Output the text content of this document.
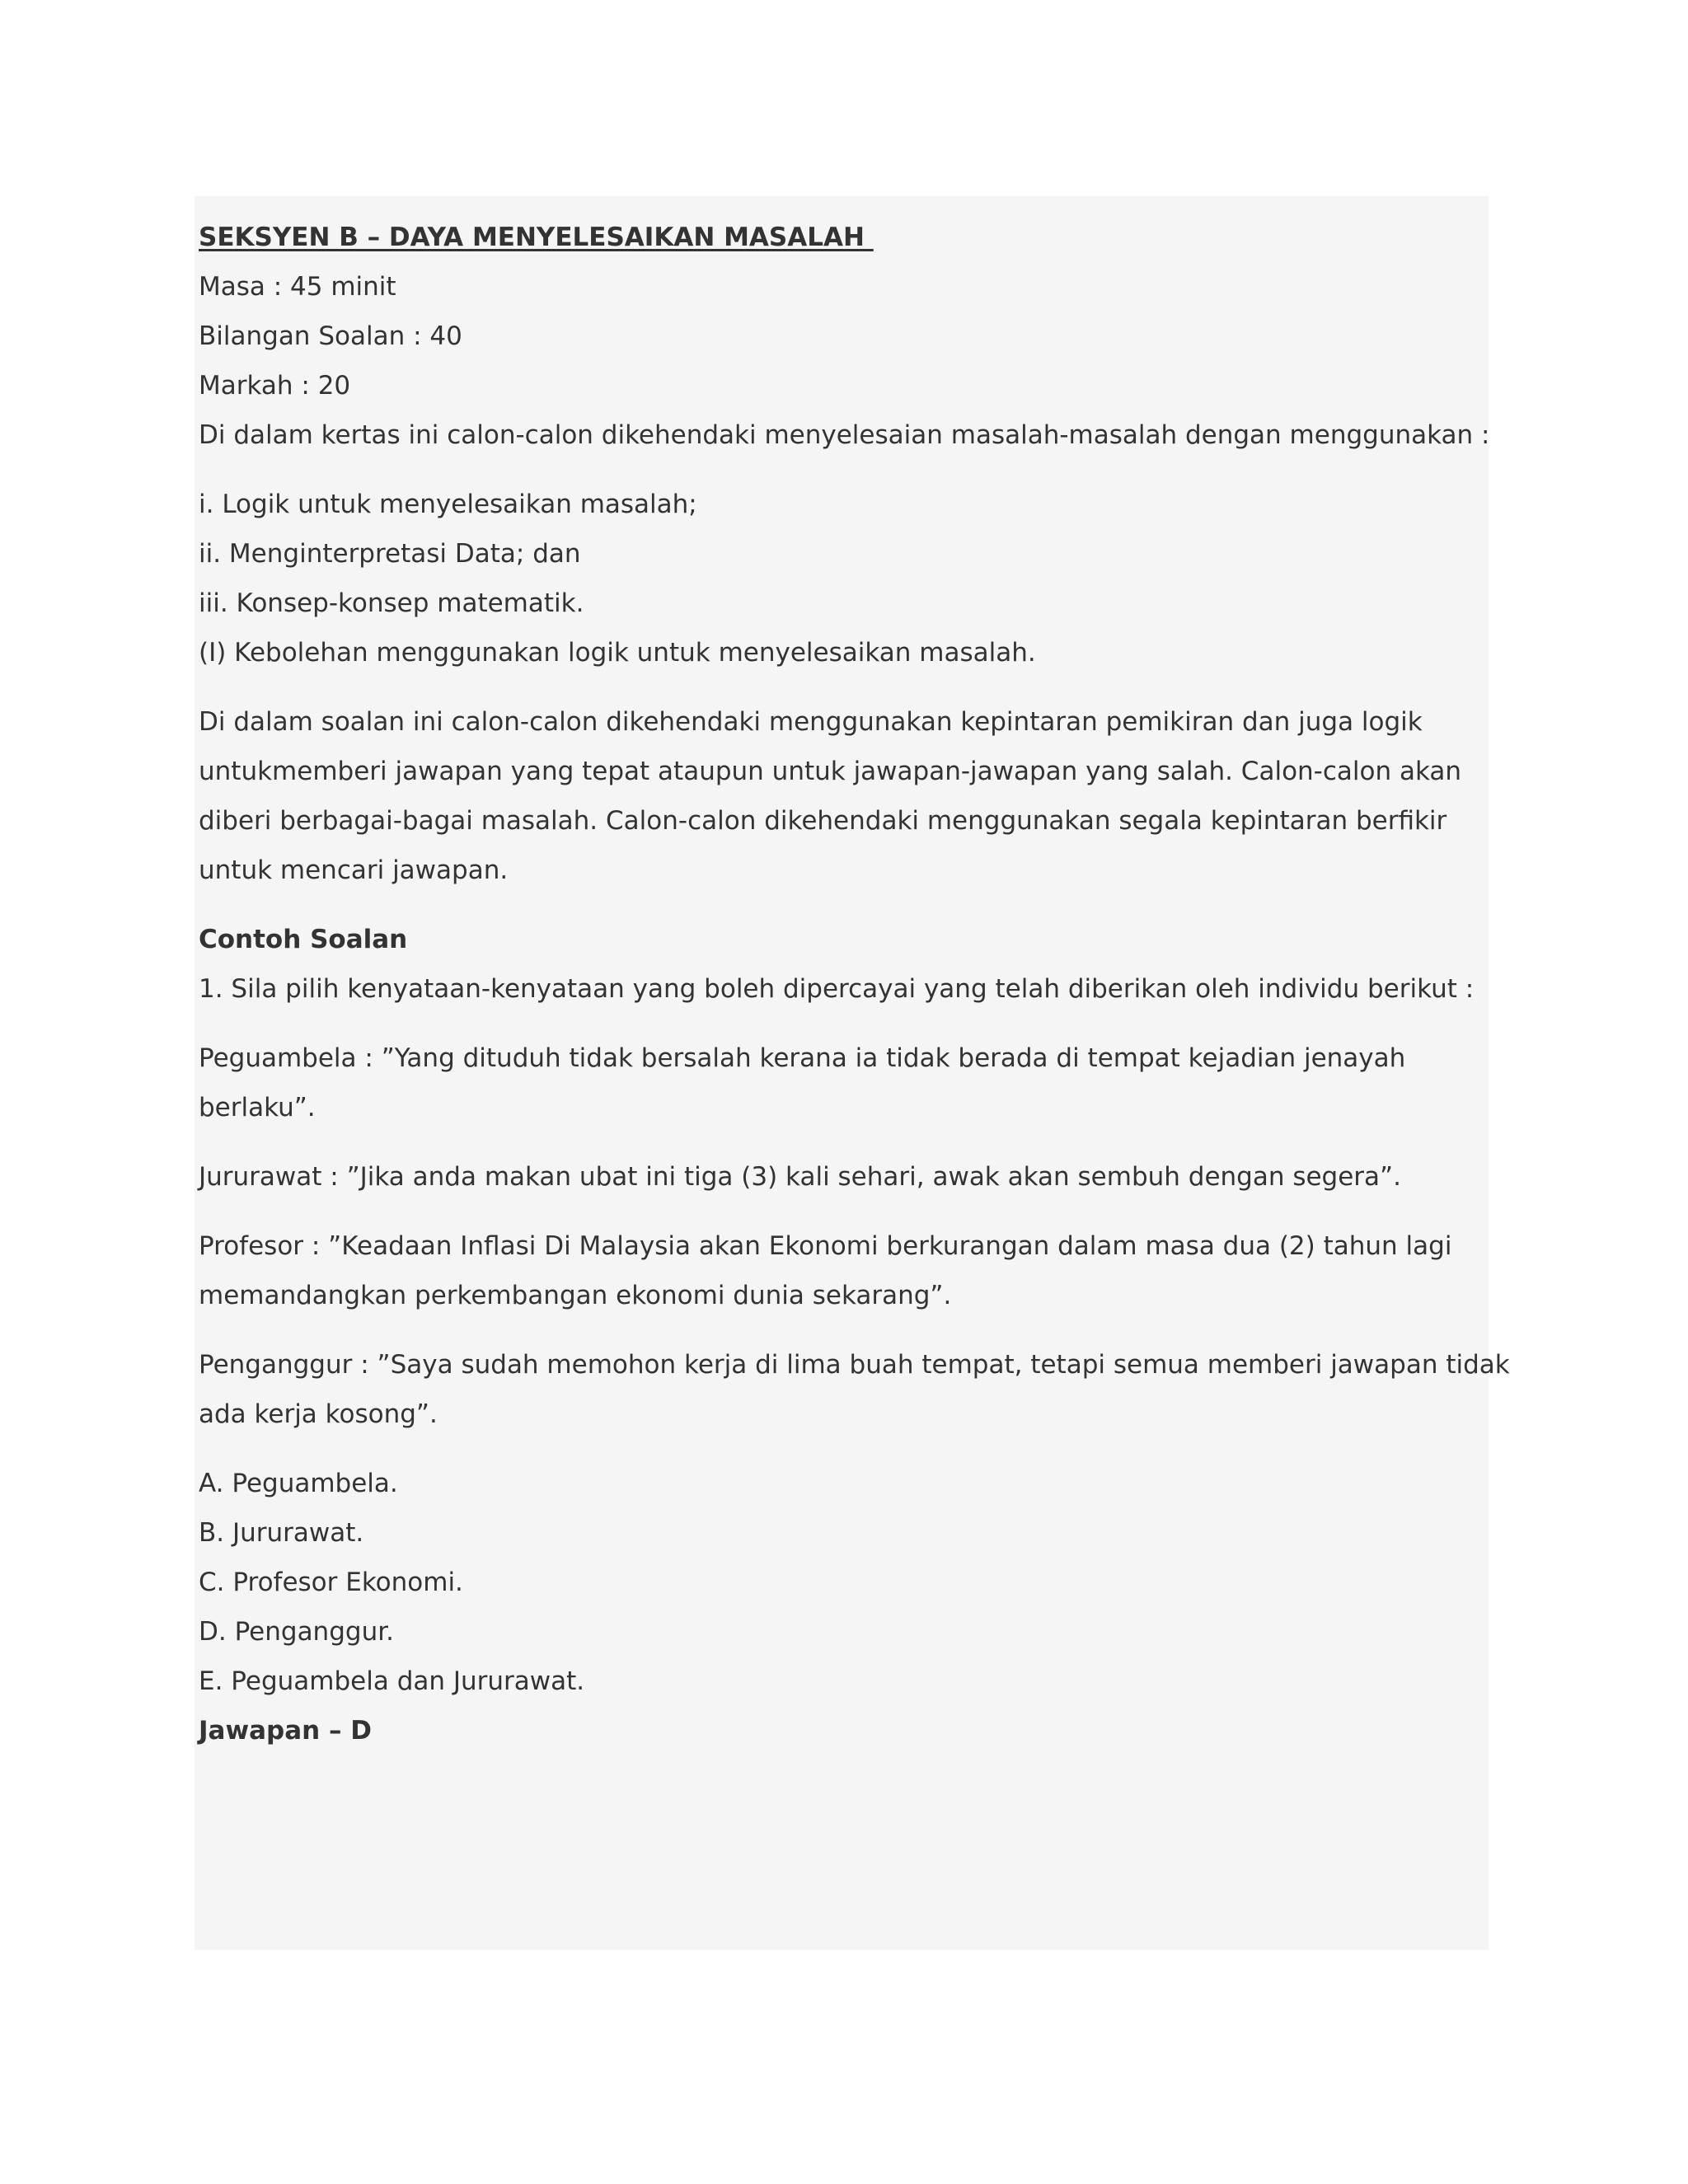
SEKSYEN B – DAYA MENYELESAIKAN MASALAH

Masa : 45 minit

Bilangan Soalan : 40

Markah : 20

Di dalam kertas ini calon-calon dikehendaki menyelesaian masalah-masalah dengan menggunakan :

i. Logik untuk menyelesaikan masalah;

ii. Menginterpretasi Data; dan

iii. Konsep-konsep matematik.

(I) Kebolehan menggunakan logik untuk menyelesaikan masalah.

Di dalam soalan ini calon-calon dikehendaki menggunakan kepintaran pemikiran dan juga logik

untukmemberi jawapan yang tepat ataupun untuk jawapan-jawapan yang salah. Calon-calon akan

diberi berbagai-bagai masalah. Calon-calon dikehendaki menggunakan segala kepintaran berfikir

untuk mencari jawapan.

Contoh Soalan

1. Sila pilih kenyataan-kenyataan yang boleh dipercayai yang telah diberikan oleh individu berikut :

Peguambela : ”Yang dituduh tidak bersalah kerana ia tidak berada di tempat kejadian jenayah

berlaku”.

Jururawat : ”Jika anda makan ubat ini tiga (3) kali sehari, awak akan sembuh dengan segera”.

Profesor : ”Keadaan Inflasi Di Malaysia akan Ekonomi berkurangan dalam masa dua (2) tahun lagi

memandangkan perkembangan ekonomi dunia sekarang”.

Penganggur : ”Saya sudah memohon kerja di lima buah tempat, tetapi semua memberi jawapan tidak

ada kerja kosong”.

A. Peguambela.

B. Jururawat.

C. Profesor Ekonomi.

D. Penganggur.

E. Peguambela dan Jururawat.

Jawapan – D
